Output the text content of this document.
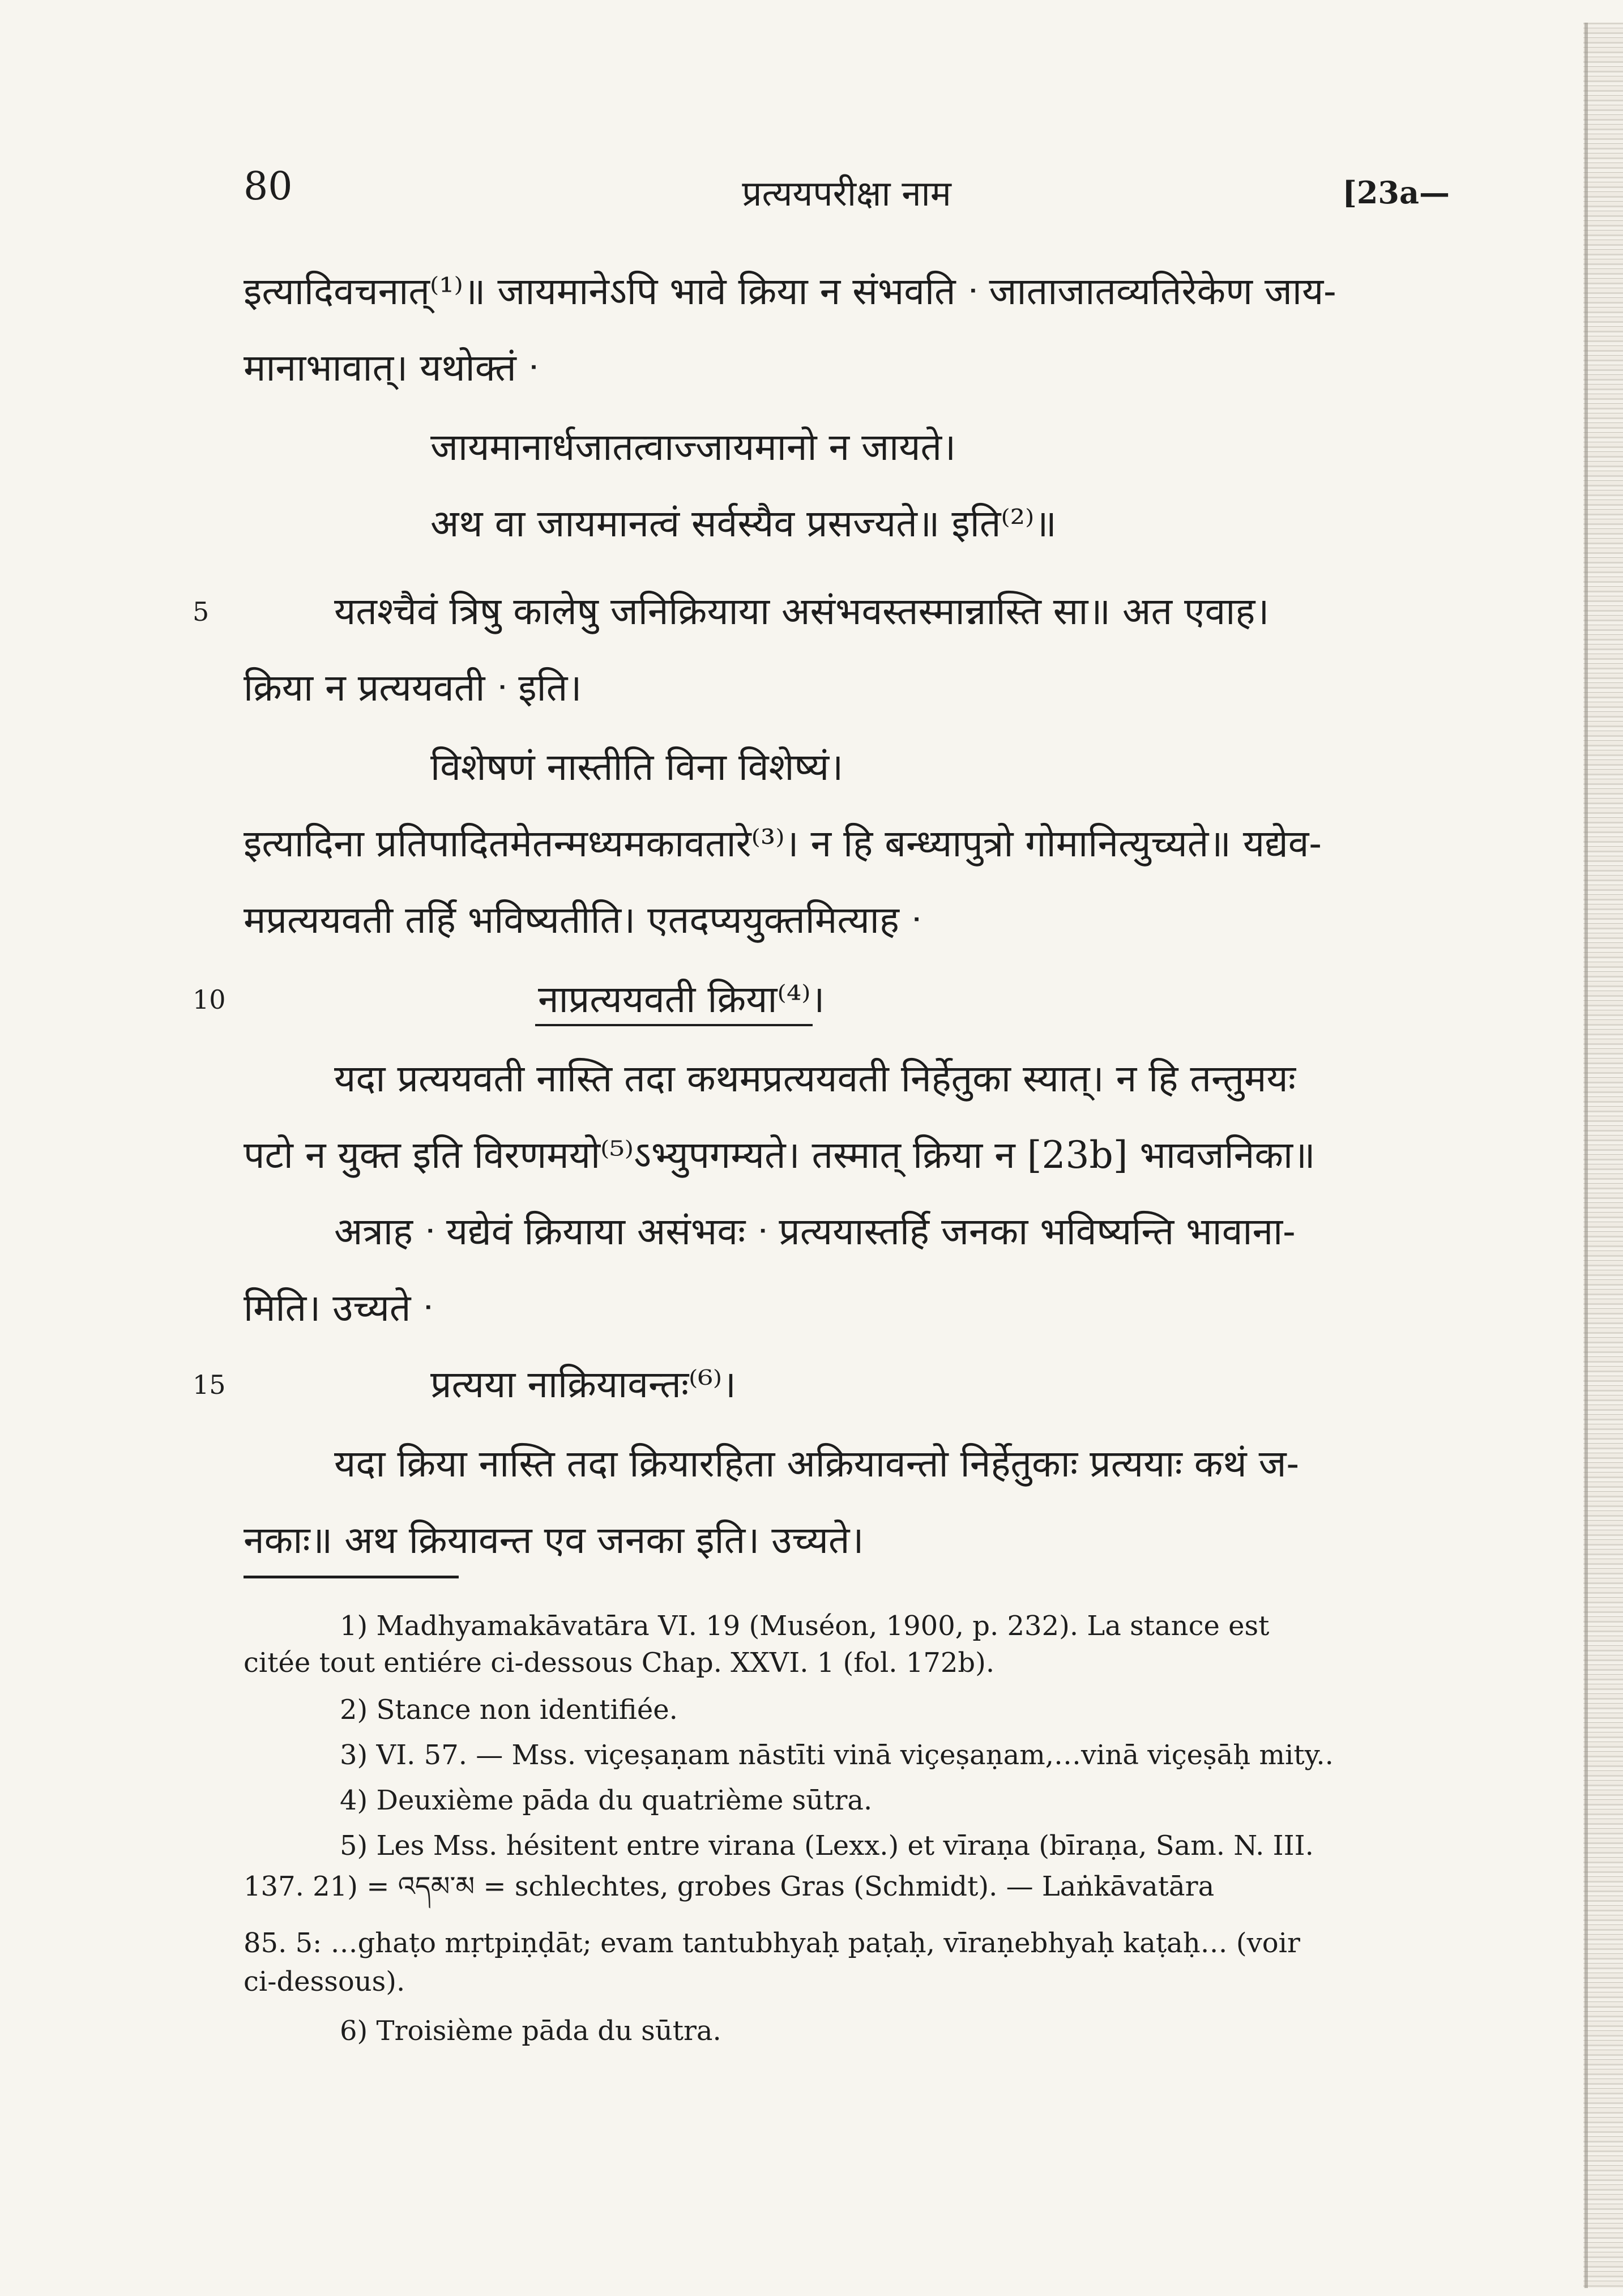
80	प्रत्ययपरीक्षा नाम	[23a—
इत्यादिवचनात्⁽¹⁾॥ जायमानेऽपि भावे क्रिया न संभवति ᐧ जाताजातव्यतिरेकेण जाय-
मानाभावात्। यथोक्तं ᐧ
जायमानार्धजातत्वाज्जायमानो न जायते।
अथ वा जायमानत्वं सर्वस्यैव प्रसज्यते॥ इति⁽²⁾॥
5	यतश्चैवं त्रिषु कालेषु जनिक्रियाया असंभवस्तस्मान्नास्ति सा॥ अत एवाह।
क्रिया न प्रत्ययवती ᐧ इति।
विशेषणं नास्तीति विना विशेष्यं।
इत्यादिना प्रतिपादितमेतन्मध्यमकावतारे⁽³⁾। न हि बन्ध्यापुत्रो गोमानित्युच्यते॥ यद्येव-
मप्रत्ययवती तर्हि भविष्यतीति। एतदप्ययुक्तमित्याह ᐧ
10	नाप्रत्ययवती क्रिया⁽⁴⁾।
यदा प्रत्ययवती नास्ति तदा कथमप्रत्ययवती निर्हेतुका स्यात्। न हि तन्तुमयः
पटो न युक्त इति विरणमयो⁽⁵⁾ऽभ्युपगम्यते। तस्मात् क्रिया न [23b] भावजनिका॥
अत्राह ᐧ यद्येवं क्रियाया असंभवः ᐧ प्रत्ययास्तर्हि जनका भविष्यन्ति भावाना-
मिति। उच्यते ᐧ
15	प्रत्यया नाक्रियावन्तः⁽⁶⁾।
यदा क्रिया नास्ति तदा क्रियारहिता अक्रियावन्तो निर्हेतुकाः प्रत्ययाः कथं ज-
नकाः॥ अथ क्रियावन्त एव जनका इति। उच्यते।
1) Madhyamakāvatāra VI. 19 (Muséon, 1900, p. 232). La stance est
citée tout entiére ci-dessous Chap. XXVI. 1 (fol. 172b).
2) Stance non identifiée.
3) VI. 57. — Mss. viçeṣaṇam nāstīti vinā viçeṣaṇam,…vinā viçeṣāḥ mity..
4) Deuxième pāda du quatrième sūtra.
5) Les Mss. hésitent entre virana (Lexx.) et vīraṇa (bīraṇa, Sam. N. III.
137. 21) = འདམ་མ = schlechtes, grobes Gras (Schmidt). — Laṅkāvatāra
85. 5: …ghaṭo mṛtpiṇḍāt; evam tantubhyaḥ paṭaḥ, vīraṇebhyaḥ kaṭaḥ… (voir
ci-dessous).
6) Troisième pāda du sūtra.
